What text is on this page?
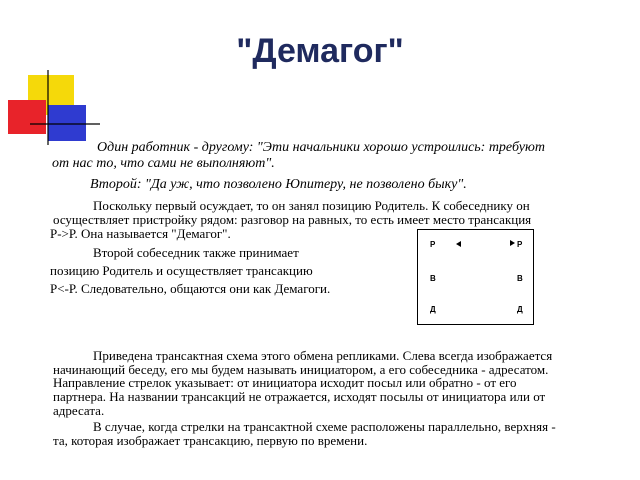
"Демагог"

Один работник - другому: "Эти начальники хорошо устроились: требуют

от нас то, что сами не выполняют".

Второй: "Да уж, что позволено Юпитеру, не позволено быку".

Поскольку первый осуждает, то он занял позицию Родитель. К собеседнику он

осуществляет пристройку рядом: разговор на равных, то есть имеет место трансакция

Р->Р. Она называется "Демагог".

Второй собеседник также принимает

позицию Родитель и осуществляет трансакцию

Р<-Р. Следовательно, общаются они как Демагоги.

Р
В
Д
Р
В
Д

Приведена трансактная схема этого обмена репликами. Слева всегда изображается

начинающий беседу, его мы будем называть инициатором, а его собеседника - адресатом.

Направление стрелок указывает: от инициатора исходит посыл или обратно - от его

партнера. На названии трансакций не отражается, исходят посылы от инициатора или от

адресата.

В случае, когда стрелки на трансактной схеме расположены параллельно, верхняя -

та, которая изображает трансакцию, первую по времени.
